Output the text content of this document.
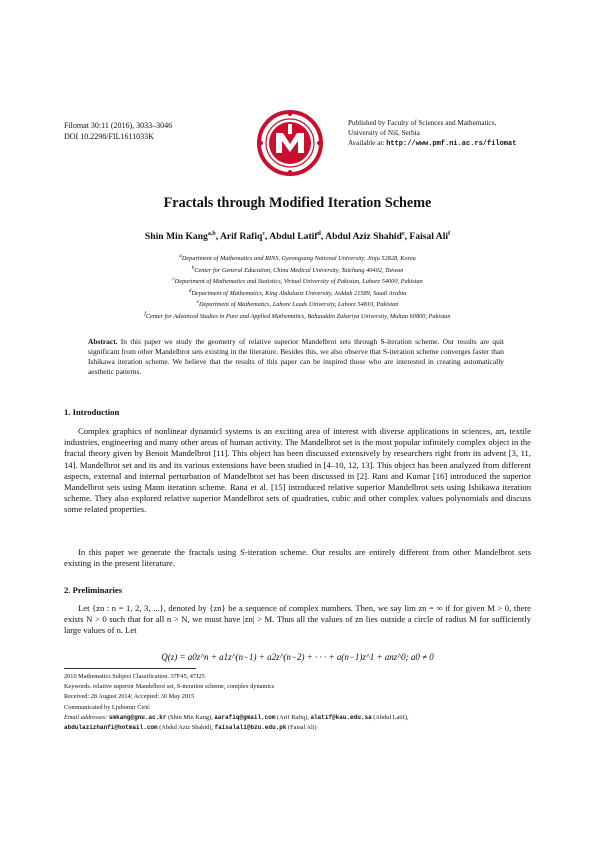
Filomat 30:11 (2016), 3033–3046
DOI 10.2298/FIL1611033K
Published by Faculty of Sciences and Mathematics,
University of Niš, Serbia
Available at: http://www.pmf.ni.ac.rs/filomat
Fractals through Modified Iteration Scheme
Shin Min Kang$^{a,b}$, Arif Rafiq$^c$, Abdul Latif$^d$, Abdul Aziz Shahid$^e$, Faisal Ali$^f$
$^a$Department of Mathematics and RINS, Gyeongsang National University, Jinju 52828, Korea
$^b$Center for General Education, China Medical University, Taichung 40402, Taiwan
$^c$Department of Mathematics and Statistics, Virtual University of Pakistan, Lahore 54000, Pakistan
$^d$Department of Mathematics, King Abdulaziz University, Jeddah 21589, Saudi Arabia
$^e$Department of Mathematics, Lahore Leads University, Lahore 54810, Pakistan
$^f$Center for Advanced Studies in Pure and Applied Mathematics, Bahauddin Zakariya University, Multan 60800, Pakistan
Abstract. In this paper we study the geometry of relative superior Mandelbrot sets through S-iteration scheme. Our results are quit significant from other Mandelbrot sets existing in the literature. Besides this, we also observe that S-iteration scheme converges faster than Ishikawa iteration scheme. We believe that the results of this paper can be inspired those who are interested in creating automatically aesthetic patterns.
1. Introduction
Complex graphics of nonlinear dynamicl systems is an exciting area of interest with diverse applications in sciences, art, textile industries, engineering and many other areas of human activity. The Mandelbrot set is the most popular infinitely complex object in the fractal theory given by Benoit Mandelbrot [11]. This object has been discussed extensively by researchers right from its advent [3, 11, 14]. Mandelbrot set and its and its various extensions have been studied in [4–10, 12, 13]. This object has been analyzed from different aspects, external and internal perturbation of Mandelbrot set has been discussed in [2]. Rani and Kumar [16] introduced the superior Mandelbrot sets using Mann iteration scheme. Rana et al. [15] introduced relative superior Mandelbrot sets using Ishikawa iteration scheme. They also explored relative superior Mandelbrot sets of quadraties, cubic and other complex values polynomials and discuss some related properties.
In this paper we generate the fractals using S-iteration scheme. Our results are entirely different from other Mandelbrot sets existing in the present literature.
2. Preliminaries
Let {zn : n = 1, 2, 3, ...}, denoted by {zn} be a sequence of complex numbers. Then, we say lim zn = ∞ if for given M > 0, there exists N > 0 such that for all n > N, we must have |zn| > M. Thus all the values of zn lies outside a circle of radius M for sufficiently large values of n. Let
Q(z) = a0z^n + a1z^(n−1) + a2z^(n−2) + · · · + a(n−1)z^1 + anz^0; a0 ≠ 0
2010 Mathematics Subject Classification. 37F45, 47J25
Keywords. relative superior Mandelbrot set, S-iteration scheme, complex dynamics
Received: 28 August 2014; Accepted: 30 May 2015
Communicated by Ljubomir Ćirić
Email addresses: smkang@gnu.ac.kr (Shin Min Kang), aarafiq@gmail.com (Arif Rafiq), alatif@kau.edu.sa (Abdul Latif),
abdulazizhanfi@hotmail.com (Abdul Aziz Shahid), faisalali@bzu.edu.pk (Faisal Ali)
